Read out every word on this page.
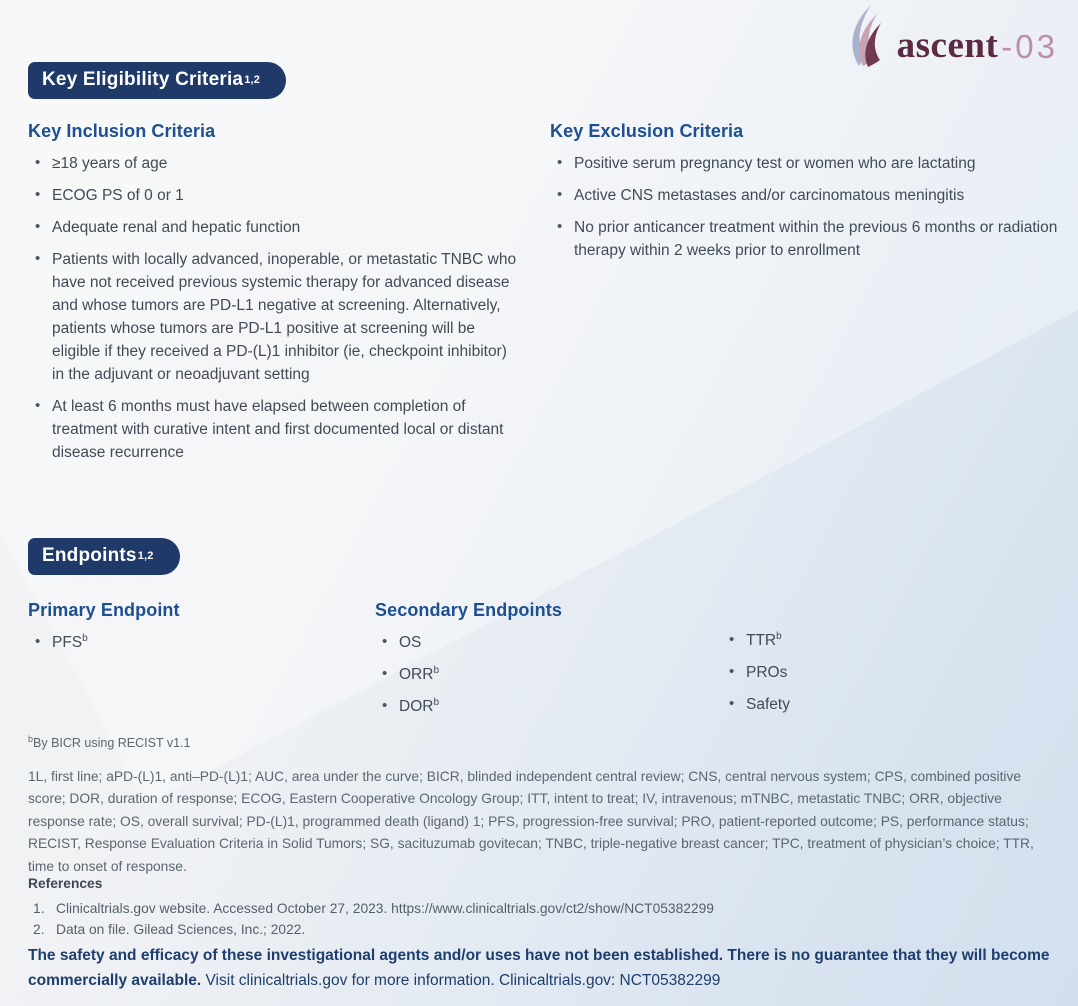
ascent -03
Key Eligibility Criteria 1,2
Key Inclusion Criteria
• ≥18 years of age
• ECOG PS of 0 or 1
• Adequate renal and hepatic function
• Patients with locally advanced, inoperable, or metastatic TNBC who have not received previous systemic therapy for advanced disease and whose tumors are PD-L1 negative at screening. Alternatively, patients whose tumors are PD-L1 positive at screening will be eligible if they received a PD-(L)1 inhibitor (ie, checkpoint inhibitor) in the adjuvant or neoadjuvant setting
• At least 6 months must have elapsed between completion of treatment with curative intent and first documented local or distant disease recurrence
Key Exclusion Criteria
• Positive serum pregnancy test or women who are lactating
• Active CNS metastases and/or carcinomatous meningitis
• No prior anticancer treatment within the previous 6 months or radiation therapy within 2 weeks prior to enrollment
Endpoints 1,2
Primary Endpoint
• PFS$^b$
Secondary Endpoints
• OS
• ORR$^b$
• DOR$^b$
• TTR$^b$
• PROs
• Safety
$^b$By BICR using RECIST v1.1
1L, first line; aPD-(L)1, anti–PD-(L)1; AUC, area under the curve; BICR, blinded independent central review; CNS, central nervous system; CPS, combined positive score; DOR, duration of response; ECOG, Eastern Cooperative Oncology Group; ITT, intent to treat; IV, intravenous; mTNBC, metastatic TNBC; ORR, objective response rate; OS, overall survival; PD-(L)1, programmed death (ligand) 1; PFS, progression-free survival; PRO, patient-reported outcome; PS, performance status; RECIST, Response Evaluation Criteria in Solid Tumors; SG, sacituzumab govitecan; TNBC, triple-negative breast cancer; TPC, treatment of physician’s choice; TTR, time to onset of response.
References
Clinicaltrials.gov website. Accessed October 27, 2023. https://www.clinicaltrials.gov/ct2/show/NCT05382299
Data on file. Gilead Sciences, Inc.; 2022.
The safety and efficacy of these investigational agents and/or uses have not been established. There is no guarantee that they will become commercially available. Visit clinicaltrials.gov for more information. Clinicaltrials.gov: NCT05382299
